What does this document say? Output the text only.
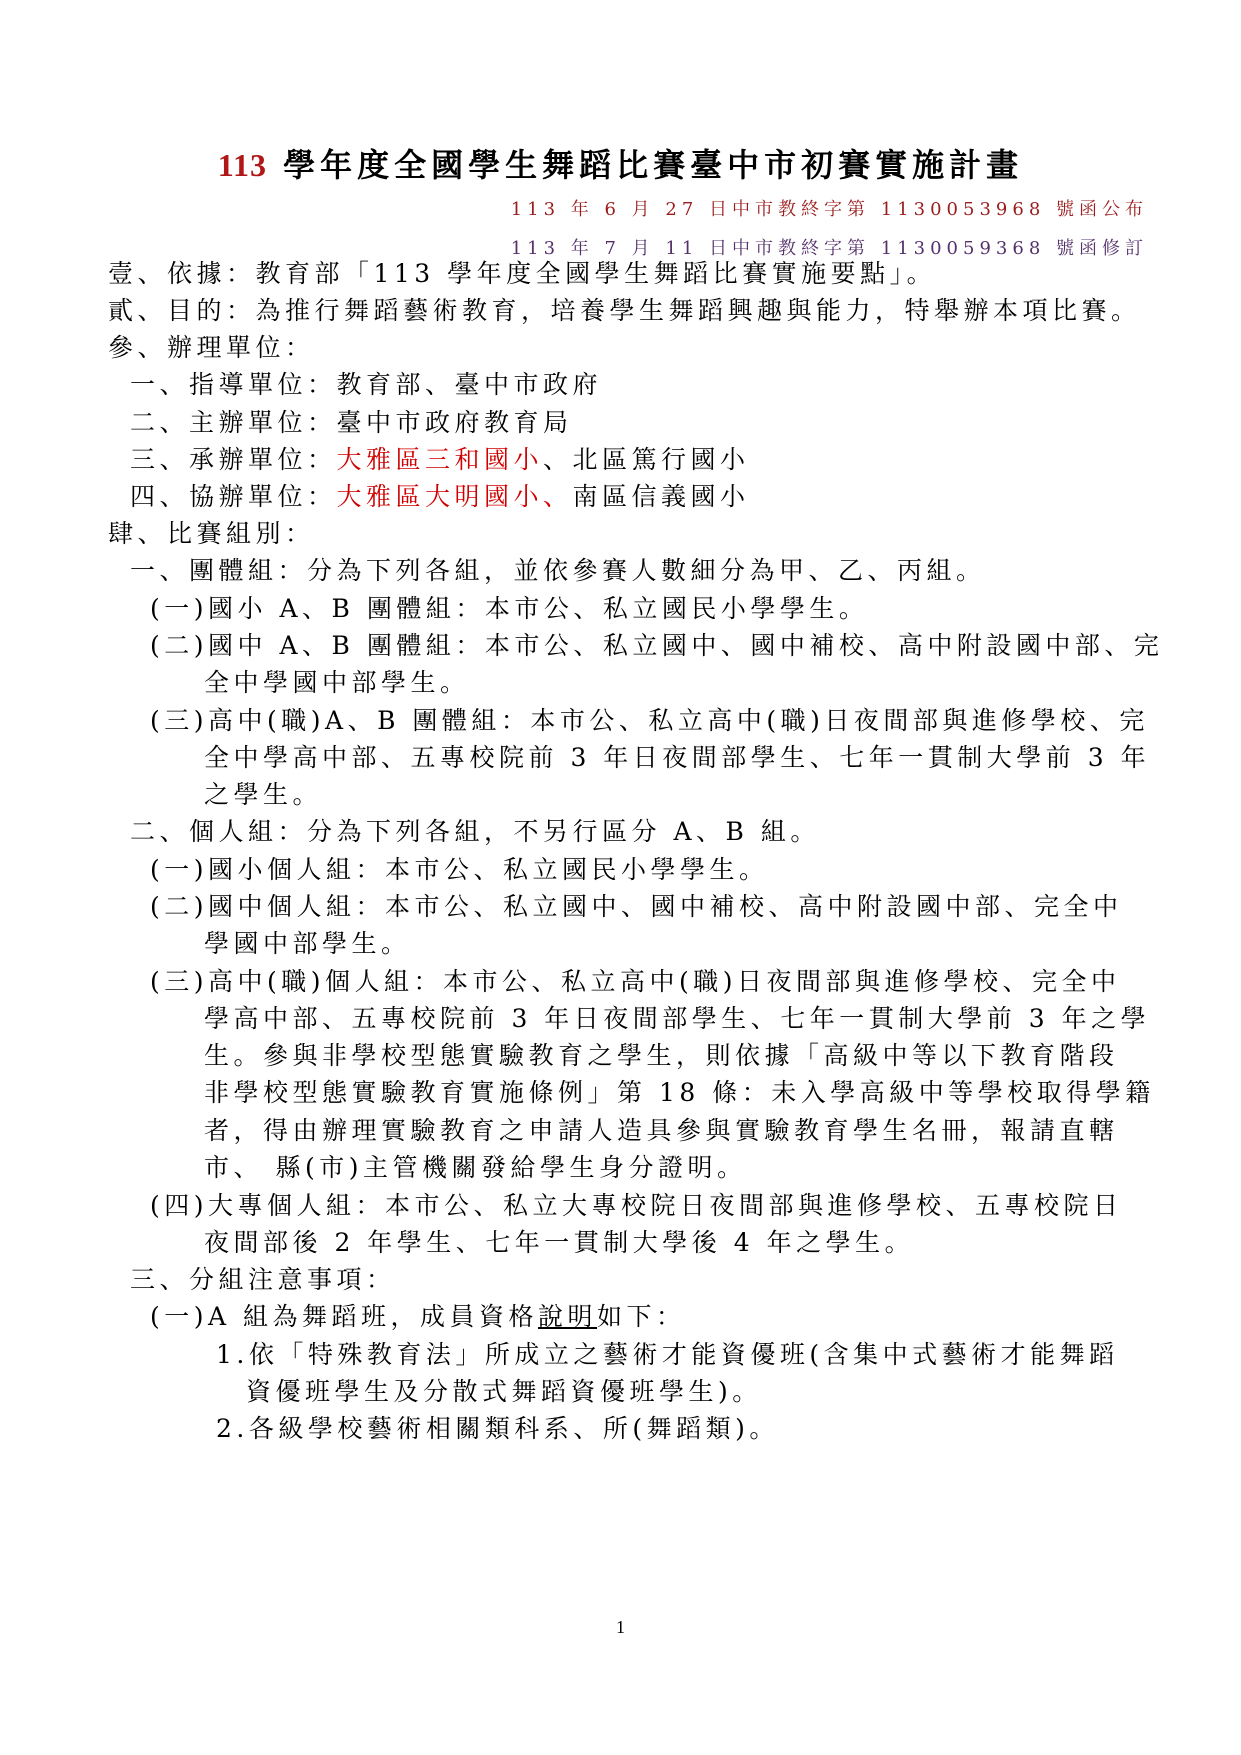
113 學年度全國學生舞蹈比賽臺中市初賽實施計畫
113 年 6 月 27 日中市教終字第 1130053968 號函公布
113 年 7 月 11 日中市教終字第 1130059368 號函修訂
壹、依據：教育部「113 學年度全國學生舞蹈比賽實施要點」。
貳、目的：為推行舞蹈藝術教育，培養學生舞蹈興趣與能力，特舉辦本項比賽。
參、辦理單位：
一、指導單位：教育部、臺中市政府
二、主辦單位：臺中市政府教育局
三、承辦單位：大雅區三和國小、北區篤行國小
四、協辦單位：大雅區大明國小、南區信義國小
肆、比賽組別：
一、團體組：分為下列各組，並依參賽人數細分為甲、乙、丙組。
(一)國小 A、B 團體組：本市公、私立國民小學學生。
(二)國中 A、B 團體組：本市公、私立國中、國中補校、高中附設國中部、完
全中學國中部學生。
(三)高中(職)A、B 團體組：本市公、私立高中(職)日夜間部與進修學校、完
全中學高中部、五專校院前 3 年日夜間部學生、七年一貫制大學前 3 年
之學生。
二、個人組：分為下列各組，不另行區分 A、B 組。
(一)國小個人組：本市公、私立國民小學學生。
(二)國中個人組：本市公、私立國中、國中補校、高中附設國中部、完全中
學國中部學生。
(三)高中(職)個人組：本市公、私立高中(職)日夜間部與進修學校、完全中
學高中部、五專校院前 3 年日夜間部學生、七年一貫制大學前 3 年之學
生。參與非學校型態實驗教育之學生，則依據「高級中等以下教育階段
非學校型態實驗教育實施條例」第 18 條：未入學高級中等學校取得學籍
者，得由辦理實驗教育之申請人造具參與實驗教育學生名冊，報請直轄
市、 縣(市)主管機關發給學生身分證明。
(四)大專個人組：本市公、私立大專校院日夜間部與進修學校、五專校院日
夜間部後 2 年學生、七年一貫制大學後 4 年之學生。
三、分組注意事項：
(一)A 組為舞蹈班，成員資格說明如下：
1.依「特殊教育法」所成立之藝術才能資優班(含集中式藝術才能舞蹈
資優班學生及分散式舞蹈資優班學生)。
2.各級學校藝術相關類科系、所(舞蹈類)。
1
